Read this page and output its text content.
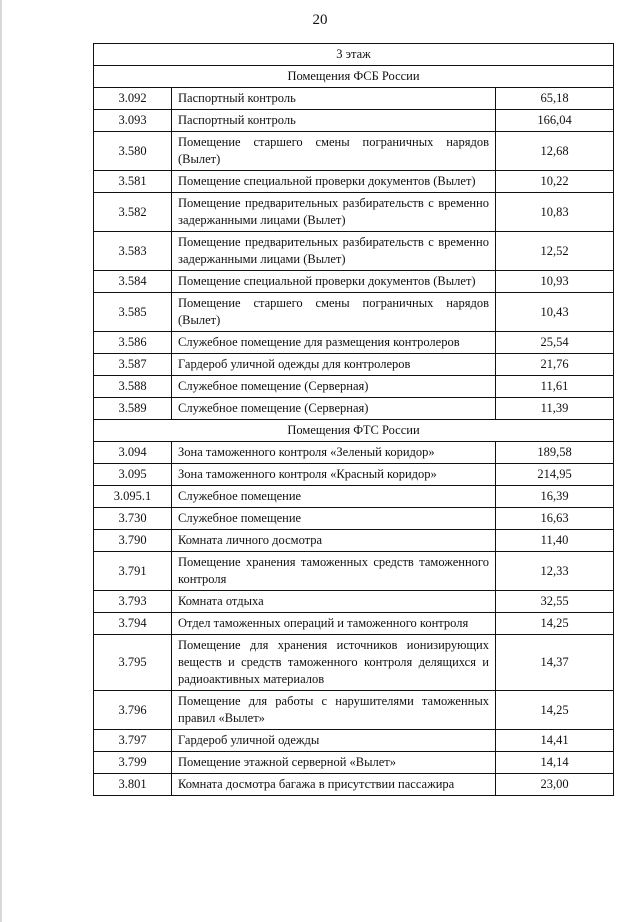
20
3 этаж		
Помещения ФСБ России		
3.092	Паспортный контроль	65,18
3.093	Паспортный контроль	166,04
3.580	Помещение старшего смены пограничных нарядов (Вылет)	12,68
3.581	Помещение специальной проверки документов (Вылет)	10,22
3.582	Помещение предварительных разбирательств с временно задержанными лицами (Вылет)	10,83
3.583	Помещение предварительных разбирательств с временно задержанными лицами (Вылет)	12,52
3.584	Помещение специальной проверки документов (Вылет)	10,93
3.585	Помещение старшего смены пограничных нарядов (Вылет)	10,43
3.586	Служебное помещение для размещения контролеров	25,54
3.587	Гардероб уличной одежды для контролеров	21,76
3.588	Служебное помещение (Серверная)	11,61
3.589	Служебное помещение (Серверная)	11,39
Помещения ФТС России		
3.094	Зона таможенного контроля «Зеленый коридор»	189,58
3.095	Зона таможенного контроля «Красный коридор»	214,95
3.095.1	Служебное помещение	16,39
3.730	Служебное помещение	16,63
3.790	Комната личного досмотра	11,40
3.791	Помещение хранения таможенных средств таможенного контроля	12,33
3.793	Комната отдыха	32,55
3.794	Отдел таможенных операций и таможенного контроля	14,25
3.795	Помещение для хранения источников ионизирующих веществ и средств таможенного контроля делящихся и радиоактивных материалов	14,37
3.796	Помещение для работы с нарушителями таможенных правил «Вылет»	14,25
3.797	Гардероб уличной одежды	14,41
3.799	Помещение этажной серверной «Вылет»	14,14
3.801	Комната досмотра багажа в присутствии пассажира	23,00
